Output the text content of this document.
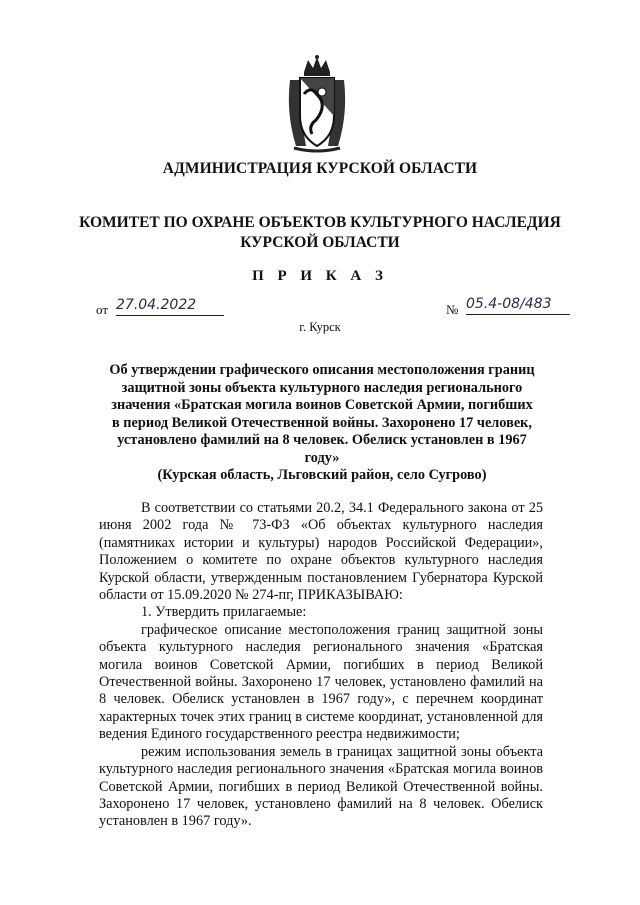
АДМИНИСТРАЦИЯ КУРСКОЙ ОБЛАСТИ
КОМИТЕТ ПО ОХРАНЕ ОБЪЕКТОВ КУЛЬТУРНОГО НАСЛЕДИЯ
КУРСКОЙ ОБЛАСТИ
П Р И К А З
от 27.04.2022	№ 05.4-08/483
г. Курск
Об утверждении графического описания местоположения границ
защитной зоны объекта культурного наследия регионального
значения «Братская могила воинов Советской Армии, погибших
в период Великой Отечественной войны. Захоронено 17 человек,
установлено фамилий на 8 человек. Обелиск установлен в 1967 году»
(Курская область, Льговский район, село Сугрово)

В соответствии со статьями 20.2, 34.1 Федерального закона от 25 июня 2002 года № 73-ФЗ «Об объектах культурного наследия (памятниках истории и культуры) народов Российской Федерации», Положением о комитете по охране объектов культурного наследия Курской области, утвержденным постановлением Губернатора Курской области от 15.09.2020 № 274-пг, ПРИКАЗЫВАЮ:

1. Утвердить прилагаемые:

графическое описание местоположения границ защитной зоны объекта культурного наследия регионального значения «Братская могила воинов Советской Армии, погибших в период Великой Отечественной войны. Захоронено 17 человек, установлено фамилий на 8 человек. Обелиск установлен в 1967 году», с перечнем координат характерных точек этих границ в системе координат, установленной для ведения Единого государственного реестра недвижимости;

режим использования земель в границах защитной зоны объекта культурного наследия регионального значения «Братская могила воинов Советской Армии, погибших в период Великой Отечественной войны. Захоронено 17 человек, установлено фамилий на 8 человек. Обелиск установлен в 1967 году».
